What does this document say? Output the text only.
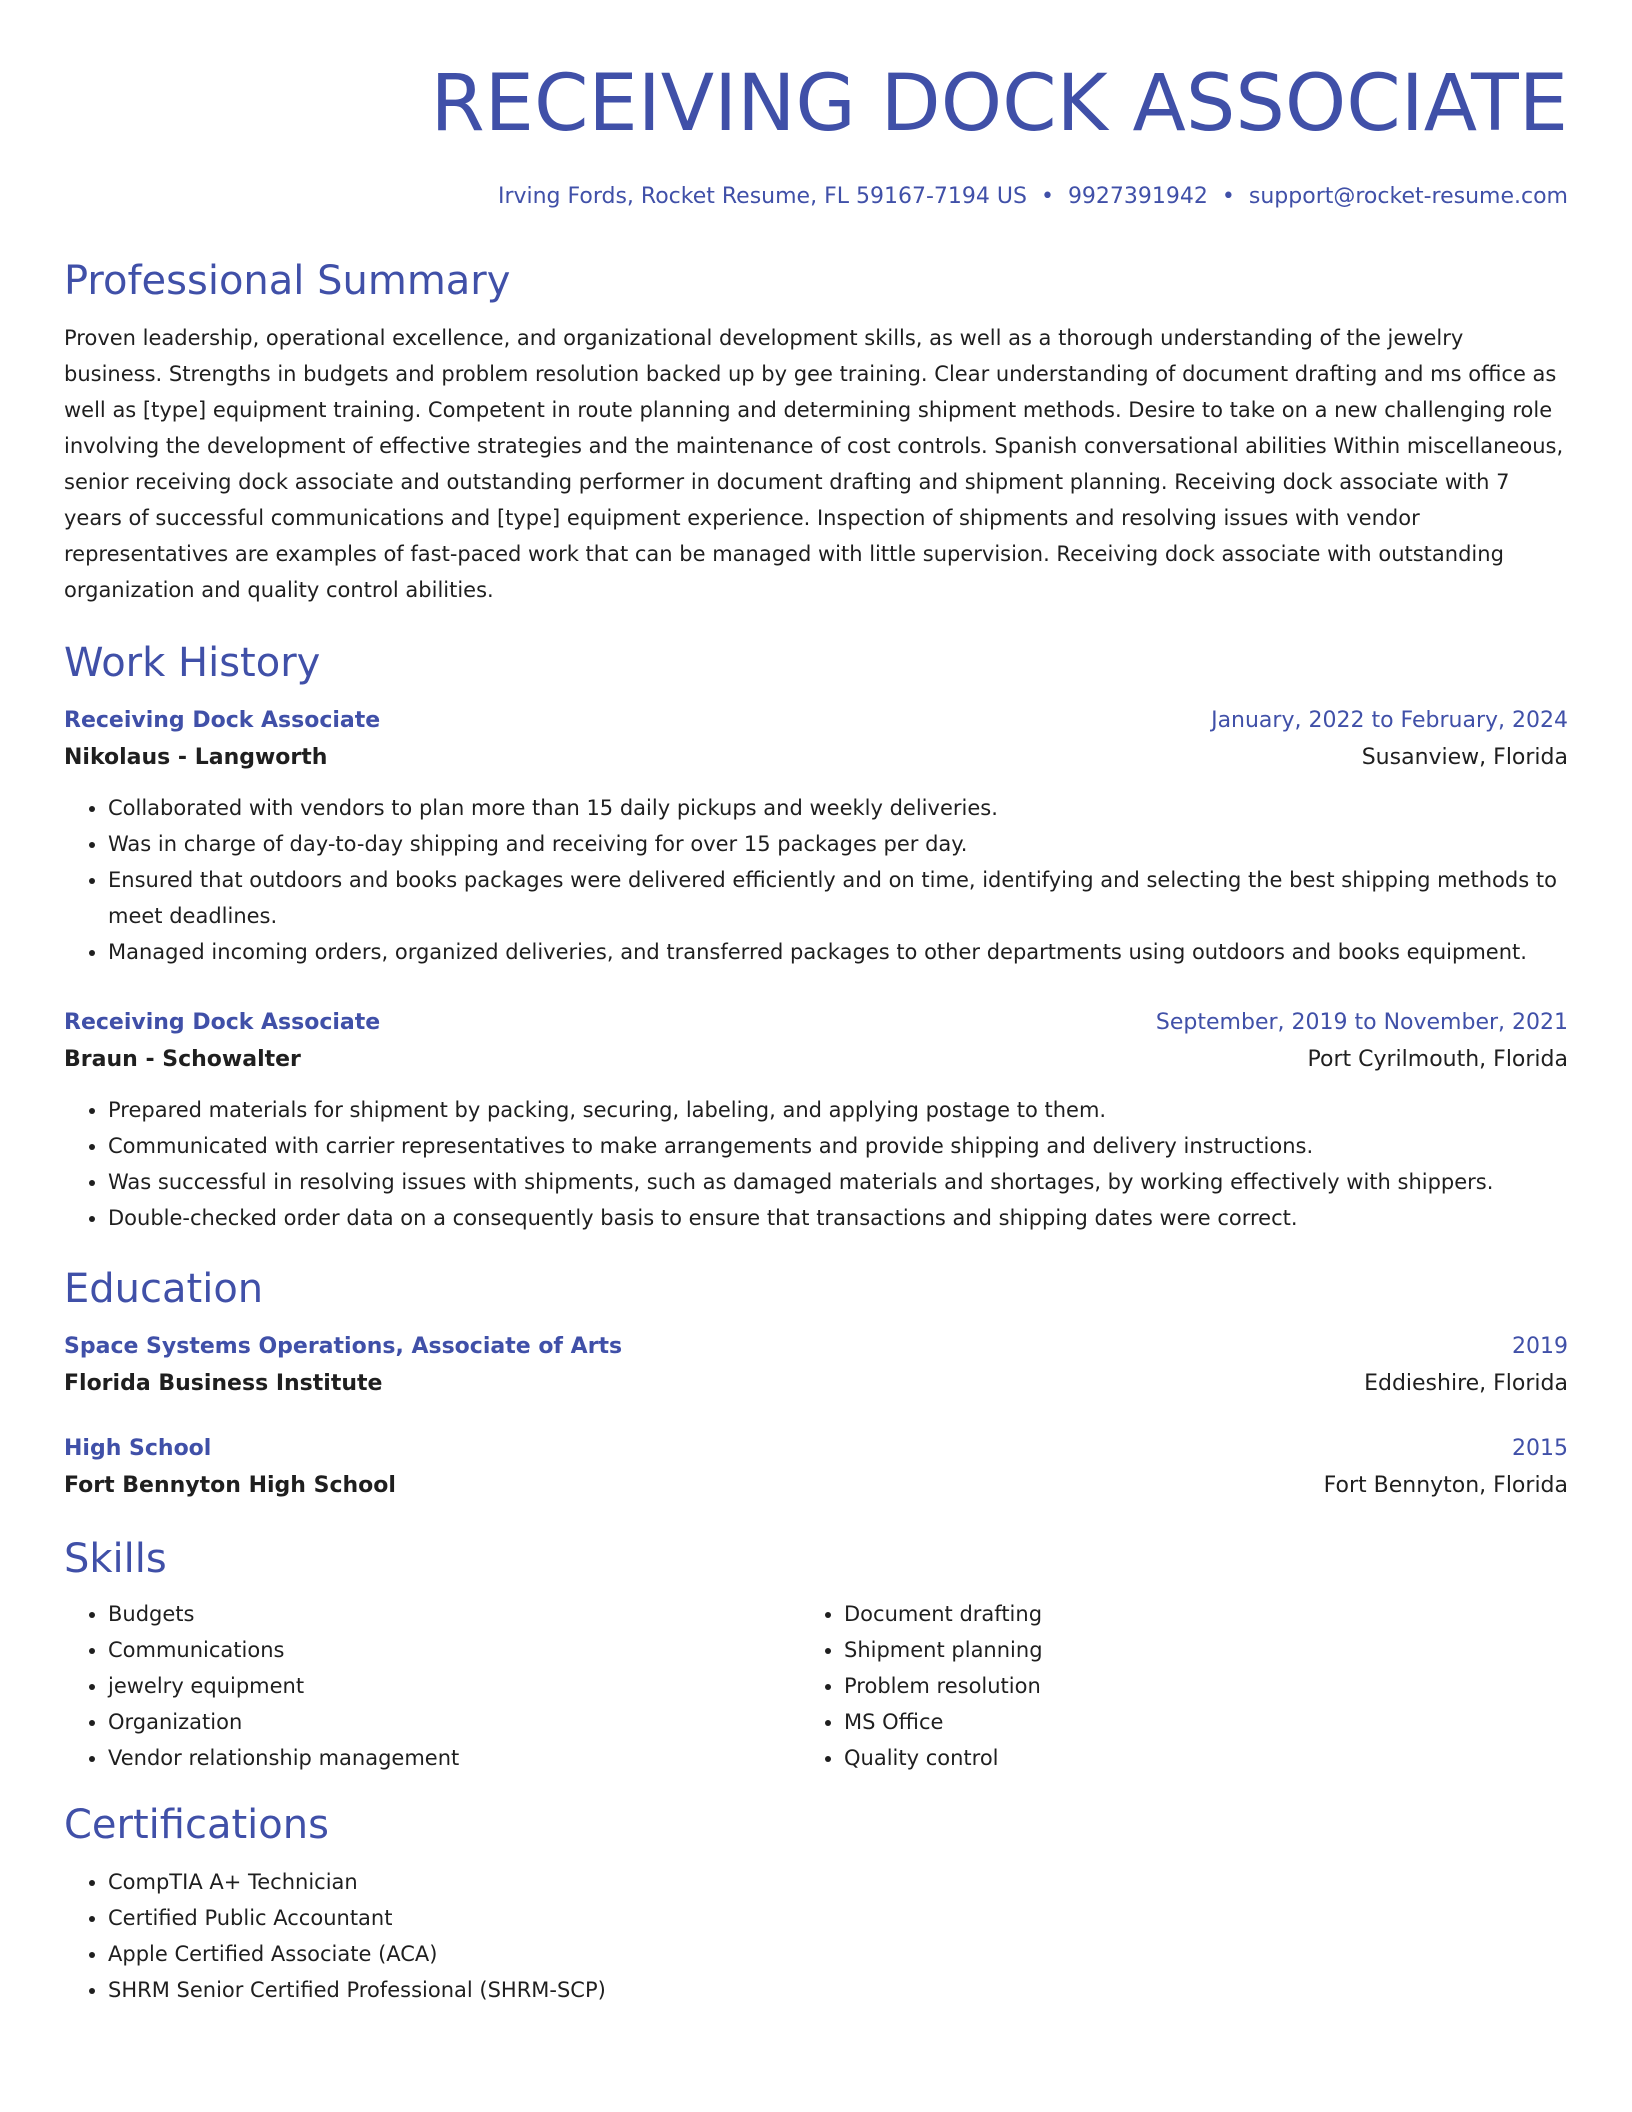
RECEIVING DOCK ASSOCIATE
Irving Fords, Rocket Resume, FL 59167-7194 US • 9927391942 • support@rocket-resume.com
Professional Summary
Proven leadership, operational excellence, and organizational development skills, as well as a thorough understanding of the jewelry business. Strengths in budgets and problem resolution backed up by gee training. Clear understanding of document drafting and ms office as well as [type] equipment training. Competent in route planning and determining shipment methods. Desire to take on a new challenging role involving the development of effective strategies and the maintenance of cost controls. Spanish conversational abilities Within miscellaneous, senior receiving dock associate and outstanding performer in document drafting and shipment planning. Receiving dock associate with 7 years of successful communications and [type] equipment experience. Inspection of shipments and resolving issues with vendor representatives are examples of fast-paced work that can be managed with little supervision. Receiving dock associate with outstanding organization and quality control abilities.
Work History
Receiving Dock Associate	January, 2022 to February, 2024
Nikolaus - Langworth	Susanview, Florida
• Collaborated with vendors to plan more than 15 daily pickups and weekly deliveries.
• Was in charge of day-to-day shipping and receiving for over 15 packages per day.
• Ensured that outdoors and books packages were delivered efficiently and on time, identifying and selecting the best shipping methods to meet deadlines.
• Managed incoming orders, organized deliveries, and transferred packages to other departments using outdoors and books equipment.
Receiving Dock Associate	September, 2019 to November, 2021
Braun - Schowalter	Port Cyrilmouth, Florida
• Prepared materials for shipment by packing, securing, labeling, and applying postage to them.
• Communicated with carrier representatives to make arrangements and provide shipping and delivery instructions.
• Was successful in resolving issues with shipments, such as damaged materials and shortages, by working effectively with shippers.
• Double-checked order data on a consequently basis to ensure that transactions and shipping dates were correct.
Education
Space Systems Operations, Associate of Arts	2019
Florida Business Institute	Eddieshire, Florida
High School	2015
Fort Bennyton High School	Fort Bennyton, Florida
Skills
• Budgets
• Communications
• jewelry equipment
• Organization
• Vendor relationship management
• Document drafting
• Shipment planning
• Problem resolution
• MS Office
• Quality control
Certifications
• CompTIA A+ Technician
• Certified Public Accountant
• Apple Certified Associate (ACA)
• SHRM Senior Certified Professional (SHRM-SCP)
